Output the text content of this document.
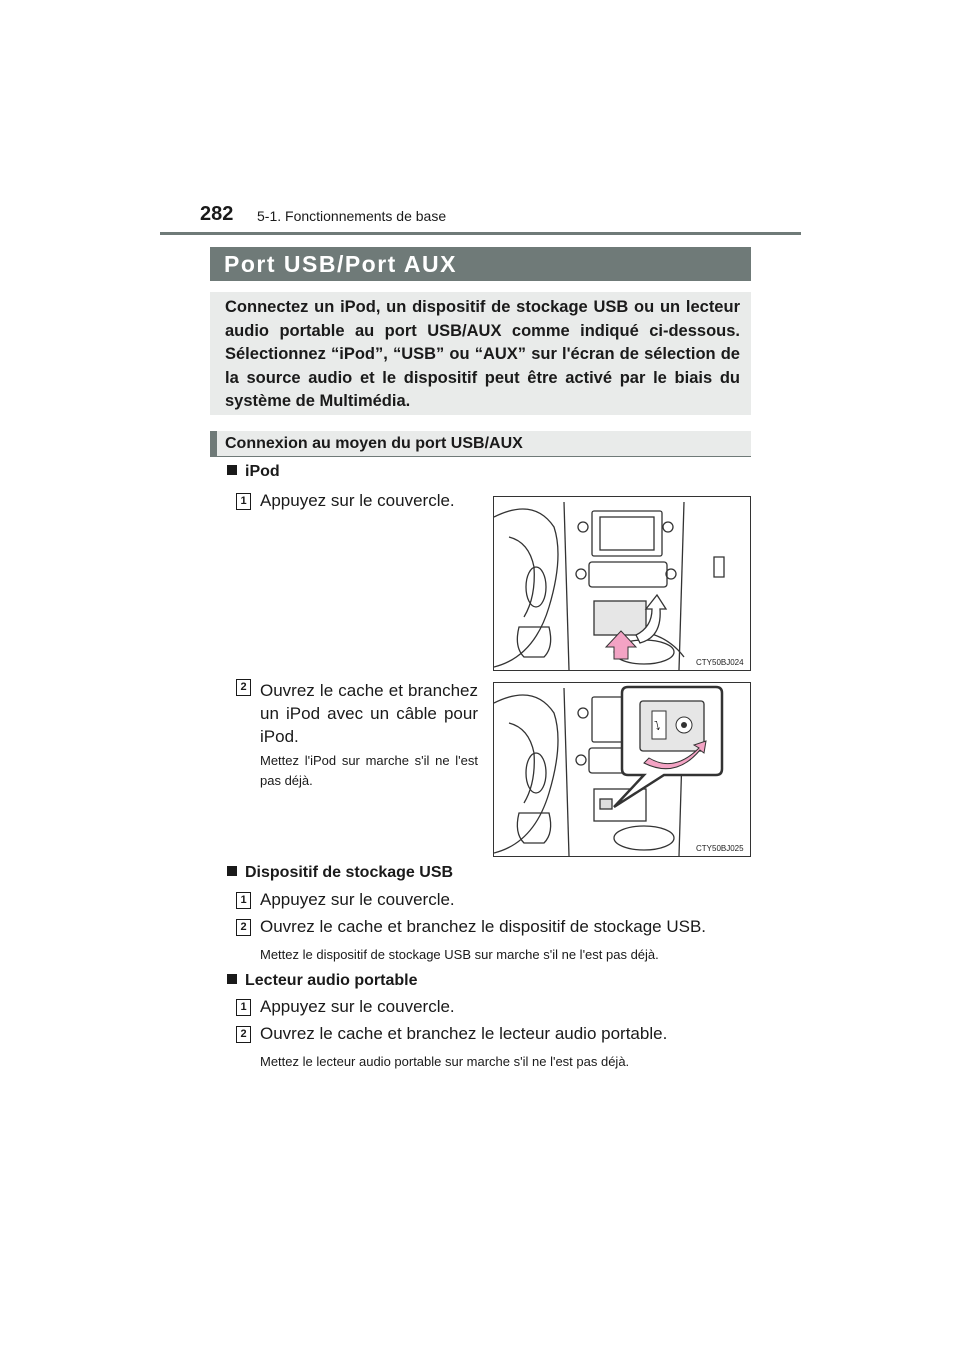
282 5-1. Fonctionnements de base
Port USB/Port AUX
Connectez un iPod, un dispositif de stockage USB ou un lecteur audio portable au port USB/AUX comme indiqué ci-dessous. Sélectionnez “iPod”, “USB” ou “AUX” sur l'écran de sélection de la source audio et le dispositif peut être activé par le biais du système de Multimédia.
Connexion au moyen du port USB/AUX
iPod
1 Appuyez sur le couvercle.
2 Ouvrez le cache et branchez un iPod avec un câble pour iPod.
Mettez l'iPod sur marche s'il ne l'est pas déjà.
CTY50BJ024
⭝
CTY50BJ025
Dispositif de stockage USB
1 Appuyez sur le couvercle.
2 Ouvrez le cache et branchez le dispositif de stockage USB.
Mettez le dispositif de stockage USB sur marche s'il ne l'est pas déjà.
Lecteur audio portable
1 Appuyez sur le couvercle.
2 Ouvrez le cache et branchez le lecteur audio portable.
Mettez le lecteur audio portable sur marche s'il ne l'est pas déjà.
